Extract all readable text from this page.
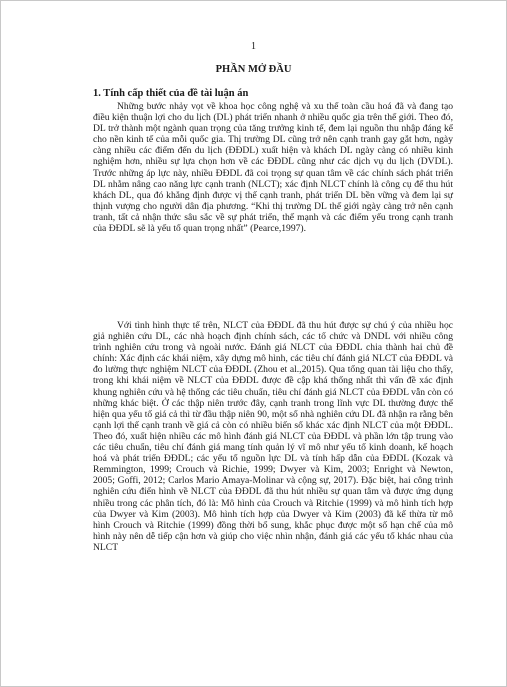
1
PHẦN MỞ ĐẦU
1. Tính cấp thiết của đề tài luận án

Những bước nhảy vọt về khoa học công nghệ và xu thế toàn cầu hoá đã và đang tạo điều kiện thuận lợi cho du lịch (DL) phát triển nhanh ở nhiều quốc gia trên thế giới. Theo đó, DL trở thành một ngành quan trọng của tăng trưởng kinh tế, đem lại nguồn thu nhập đáng kể cho nền kinh tế của mỗi quốc gia. Thị trường DL cũng trở nên cạnh tranh gay gắt hơn, ngày càng nhiều các điểm đến du lịch (ĐĐDL) xuất hiện và khách DL ngày càng có nhiều kinh nghiệm hơn, nhiều sự lựa chọn hơn về các ĐĐDL cũng như các dịch vụ du lịch (DVDL). Trước những áp lực này, nhiều ĐĐDL đã coi trọng sự quan tâm về các chính sách phát triển DL nhằm nâng cao năng lực cạnh tranh (NLCT); xác định NLCT chính là công cụ để thu hút khách DL, qua đó khẳng định được vị thế cạnh tranh, phát triển DL bền vững và đem lại sự thịnh vượng cho người dân địa phương. “Khi thị trường DL thế giới ngày càng trở nên cạnh tranh, tất cả nhận thức sâu sắc về sự phát triển, thế mạnh và các điểm yếu trong cạnh tranh của ĐĐDL sẽ là yếu tố quan trọng nhất” (Pearce,1997).

Với tình hình thực tế trên, NLCT của ĐĐDL đã thu hút được sự chú ý của nhiều học giả nghiên cứu DL, các nhà hoạch định chính sách, các tổ chức và DNDL với nhiều công trình nghiên cứu trong và ngoài nước. Đánh giá NLCT của ĐĐDL chia thành hai chủ đề chính: Xác định các khái niệm, xây dựng mô hình, các tiêu chí đánh giá NLCT của ĐĐDL và đo lường thực nghiệm NLCT của ĐĐDL (Zhou et al.,2015). Qua tổng quan tài liệu cho thấy, trong khi khái niệm về NLCT của ĐĐDL được đề cập khá thống nhất thì vấn đề xác định khung nghiên cứu và hệ thống các tiêu chuẩn, tiêu chí đánh giá NLCT của ĐĐDL vẫn còn có những khác biệt. Ở các thập niên trước đây, cạnh tranh trong lĩnh vực DL thường được thể hiện qua yếu tố giá cả thì từ đầu thập niên 90, một số nhà nghiên cứu DL đã nhận ra rằng bên cạnh lợi thế cạnh tranh về giá cả còn có nhiều biến số khác xác định NLCT của một ĐĐDL. Theo đó, xuất hiện nhiều các mô hình đánh giá NLCT của ĐĐDL và phần lớn tập trung vào các tiêu chuẩn, tiêu chí đánh giá mang tính quản lý vĩ mô như yếu tố kinh doanh, kế hoạch hoá và phát triển ĐĐDL; các yếu tố nguồn lực DL và tính hấp dẫn của ĐĐDL (Kozak và Remmington, 1999; Crouch và Richie, 1999; Dwyer và Kim, 2003; Enright và Newton, 2005; Goffi, 2012; Carlos Mario Amaya-Molinar và cộng sự, 2017). Đặc biệt, hai công trình nghiên cứu điển hình về NLCT của ĐĐDL đã thu hút nhiều sự quan tâm và được ứng dụng nhiều trong các phân tích, đó là: Mô hình của Crouch và Ritchie (1999) và mô hình tích hợp của Dwyer và Kim (2003). Mô hình tích hợp của Dwyer và Kim (2003) đã kế thừa từ mô hình Crouch và Ritchie (1999) đồng thời bổ sung, khắc phục được một số hạn chế của mô hình này nên dễ tiếp cận hơn và giúp cho việc nhìn nhận, đánh giá các yếu tố khác nhau của NLCT
